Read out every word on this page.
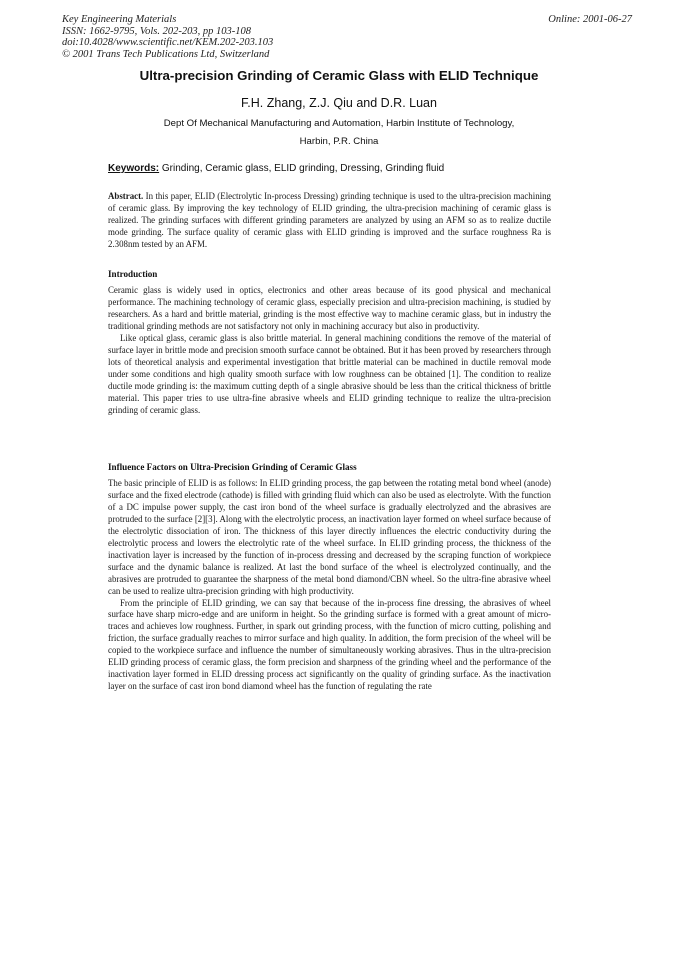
Key Engineering Materials
ISSN: 1662-9795, Vols. 202-203, pp 103-108
doi:10.4028/www.scientific.net/KEM.202-203.103
© 2001 Trans Tech Publications Ltd, Switzerland
Online: 2001-06-27
Ultra-precision Grinding of Ceramic Glass with ELID Technique
F.H. Zhang, Z.J. Qiu and D.R. Luan
Dept Of Mechanical Manufacturing and Automation, Harbin Institute of Technology,
Harbin, P.R. China
Keywords: Grinding, Ceramic glass, ELID grinding, Dressing, Grinding fluid

Abstract. In this paper, ELID (Electrolytic In-process Dressing) grinding technique is used to the ultra-precision machining of ceramic glass. By improving the key technology of ELID grinding, the ultra-precision machining of ceramic glass is realized. The grinding surfaces with different grinding parameters are analyzed by using an AFM so as to realize ductile mode grinding. The surface quality of ceramic glass with ELID grinding is improved and the surface roughness Ra is 2.308nm tested by an AFM.

Introduction

Ceramic glass is widely used in optics, electronics and other areas because of its good physical and mechanical performance. The machining technology of ceramic glass, especially precision and ultra-precision machining, is studied by researchers. As a hard and brittle material, grinding is the most effective way to machine ceramic glass, but in industry the traditional grinding methods are not satisfactory not only in machining accuracy but also in productivity.

Like optical glass, ceramic glass is also brittle material. In general machining conditions the remove of the material of surface layer in brittle mode and precision smooth surface cannot be obtained. But it has been proved by researchers through lots of theoretical analysis and experimental investigation that brittle material can be machined in ductile removal mode under some conditions and high quality smooth surface with low roughness can be obtained [1]. The condition to realize ductile mode grinding is: the maximum cutting depth of a single abrasive should be less than the critical thickness of brittle material. This paper tries to use ultra-fine abrasive wheels and ELID grinding technique to realize the ultra-precision grinding of ceramic glass.

Influence Factors on Ultra-Precision Grinding of Ceramic Glass

The basic principle of ELID is as follows: In ELID grinding process, the gap between the rotating metal bond wheel (anode) surface and the fixed electrode (cathode) is filled with grinding fluid which can also be used as electrolyte. With the function of a DC impulse power supply, the cast iron bond of the wheel surface is gradually electrolyzed and the abrasives are protruded to the surface [2][3]. Along with the electrolytic process, an inactivation layer formed on wheel surface because of the electrolytic dissociation of iron. The thickness of this layer directly influences the electric conductivity during the electrolytic process and lowers the electrolytic rate of the wheel surface. In ELID grinding process, the thickness of the inactivation layer is increased by the function of in-process dressing and decreased by the scraping function of workpiece surface and the dynamic balance is realized. At last the bond surface of the wheel is electrolyzed continually, and the abrasives are protruded to guarantee the sharpness of the metal bond diamond/CBN wheel. So the ultra-fine abrasive wheel can be used to realize ultra-precision grinding with high productivity.

From the principle of ELID grinding, we can say that because of the in-process fine dressing, the abrasives of wheel surface have sharp micro-edge and are uniform in height. So the grinding surface is formed with a great amount of micro-traces and achieves low roughness. Further, in spark out grinding process, with the function of micro cutting, polishing and friction, the surface gradually reaches to mirror surface and high quality. In addition, the form precision of the wheel will be copied to the workpiece surface and influence the number of simultaneously working abrasives. Thus in the ultra-precision ELID grinding process of ceramic glass, the form precision and sharpness of the grinding wheel and the performance of the inactivation layer formed in ELID dressing process act significantly on the quality of grinding surface. As the inactivation layer on the surface of cast iron bond diamond wheel has the function of regulating the rate
